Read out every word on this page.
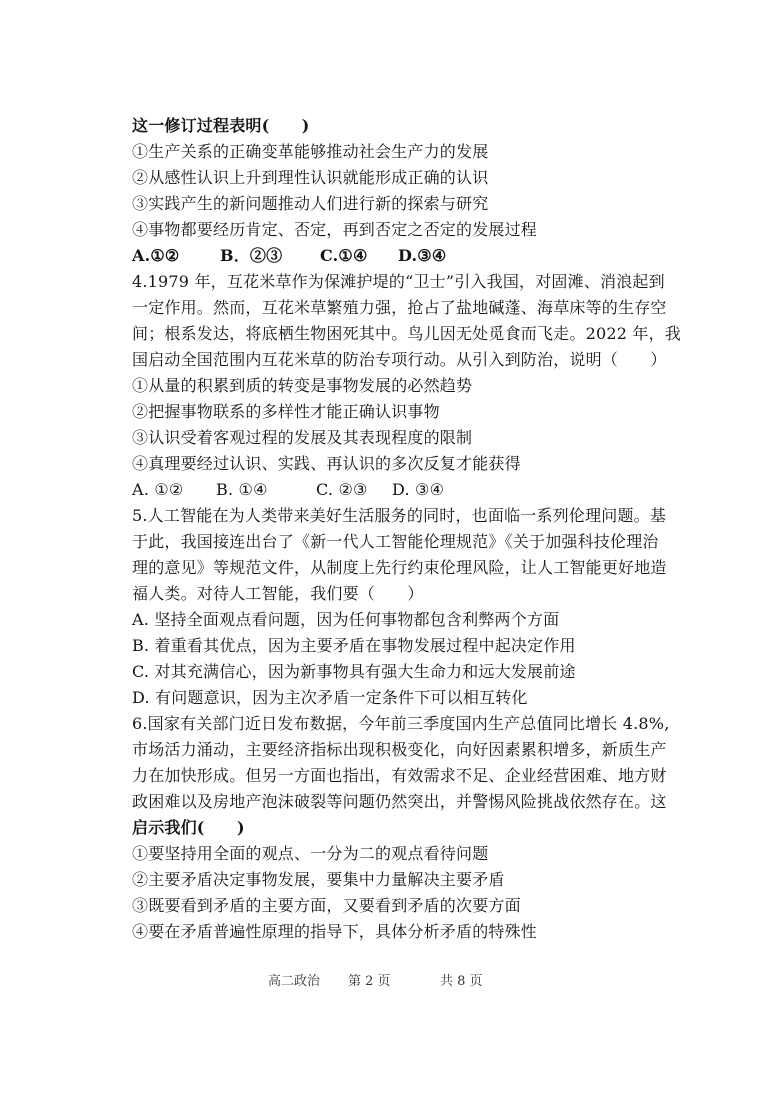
这一修订过程表明(　　)
①生产关系的正确变革能够推动社会生产力的发展
②从感性认识上升到理性认识就能形成正确的认识
③实践产生的新问题推动人们进行新的探索与研究
④事物都要经历肯定、否定，再到否定之否定的发展过程
A.①②	B．②③ C.①④ D.③④
4.1979 年，互花米草作为保滩护堤的“卫士”引入我国，对固滩、消浪起到
一定作用。然而，互花米草繁殖力强，抢占了盐地碱蓬、海草床等的生存空
间；根系发达，将底栖生物困死其中。鸟儿因无处觅食而飞走。2022 年，我
国启动全国范围内互花米草的防治专项行动。从引入到防治，说明（　　）
①从量的积累到质的转变是事物发展的必然趋势
②把握事物联系的多样性才能正确认识事物
③认识受着客观过程的发展及其表现程度的限制
④真理要经过认识、实践、再认识的多次反复才能获得
A. ①② B. ①④	C. ②③ D. ③④
5.人工智能在为人类带来美好生活服务的同时，也面临一系列伦理问题。基
于此，我国接连出台了《新一代人工智能伦理规范》《关于加强科技伦理治
理的意见》等规范文件，从制度上先行约束伦理风险，让人工智能更好地造
福人类。对待人工智能，我们要（　　）
A. 坚持全面观点看问题，因为任何事物都包含利弊两个方面
B. 着重看其优点，因为主要矛盾在事物发展过程中起决定作用
C. 对其充满信心，因为新事物具有强大生命力和远大发展前途
D. 有问题意识，因为主次矛盾一定条件下可以相互转化
6.国家有关部门近日发布数据，今年前三季度国内生产总值同比增长 4.8%,
市场活力涌动，主要经济指标出现积极变化，向好因素累积增多，新质生产
力在加快形成。但另一方面也指出，有效需求不足、企业经营困难、地方财
政困难以及房地产泡沫破裂等问题仍然突出，并警惕风险挑战依然存在。这
启示我们(　　)
①要坚持用全面的观点、一分为二的观点看待问题
②主要矛盾决定事物发展，要集中力量解决主要矛盾
③既要看到矛盾的主要方面，又要看到矛盾的次要方面
④要在矛盾普遍性原理的指导下，具体分析矛盾的特殊性
高二政治 第 2 页	共 8 页
